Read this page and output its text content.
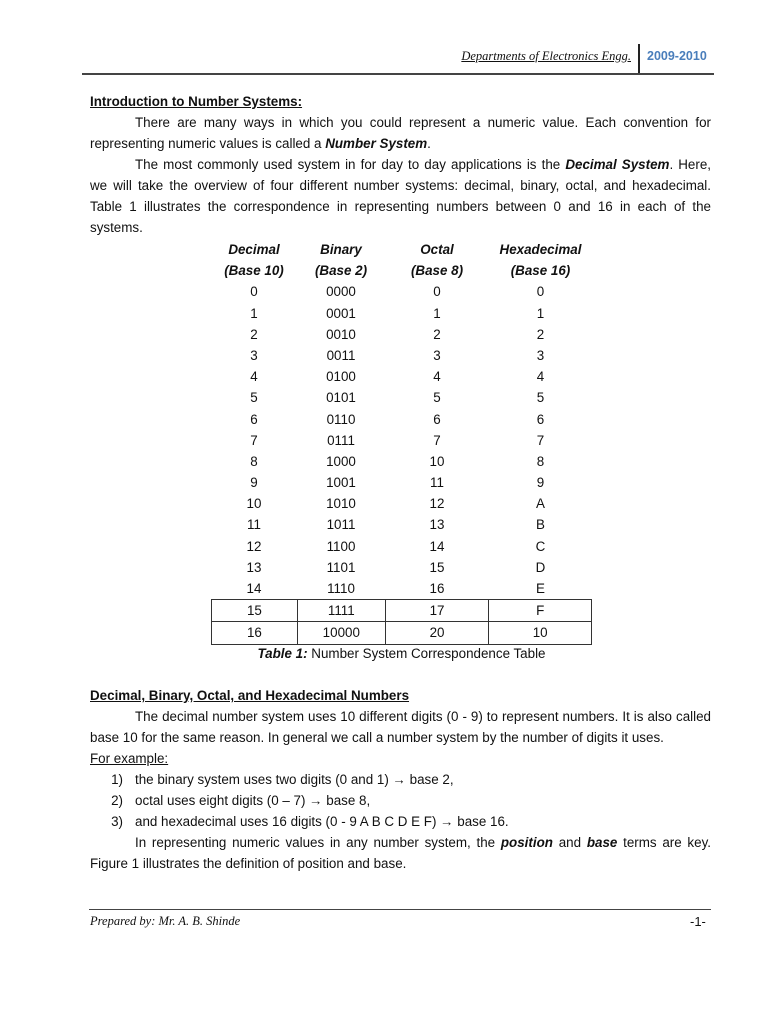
Departments of Electronics Engg. 2009-2010
Introduction to Number Systems:
There are many ways in which you could represent a numeric value. Each convention for representing numeric values is called a Number System.
The most commonly used system in for day to day applications is the Decimal System. Here, we will take the overview of four different number systems: decimal, binary, octal, and hexadecimal. Table 1 illustrates the correspondence in representing numbers between 0 and 16 in each of the systems.
Decimal	Binary	Octal	Hexadecimal
(Base 10)	(Base 2)	(Base 8)	(Base 16)
0	0000	0	0
1	0001	1	1
2	0010	2	2
3	0011	3	3
4	0100	4	4
5	0101	5	5
6	0110	6	6
7	0111	7	7
8	1000	10	8
9	1001	11	9
10	1010	12	A
11	1011	13	B
12	1100	14	C
13	1101	15	D
14	1110	16	E
15	1111	17	F
16	10000	20	10
Table 1: Number System Correspondence Table
Decimal, Binary, Octal, and Hexadecimal Numbers
The decimal number system uses 10 different digits (0 - 9) to represent numbers. It is also called base 10 for the same reason. In general we call a number system by the number of digits it uses.
For example:
1) the binary system uses two digits (0 and 1) → base 2,
2) octal uses eight digits (0 – 7) → base 8,
3) and hexadecimal uses 16 digits (0 - 9 A B C D E F) → base 16.
In representing numeric values in any number system, the position and base terms are key. Figure 1 illustrates the definition of position and base.
Prepared by: Mr. A. B. Shinde	-1-
